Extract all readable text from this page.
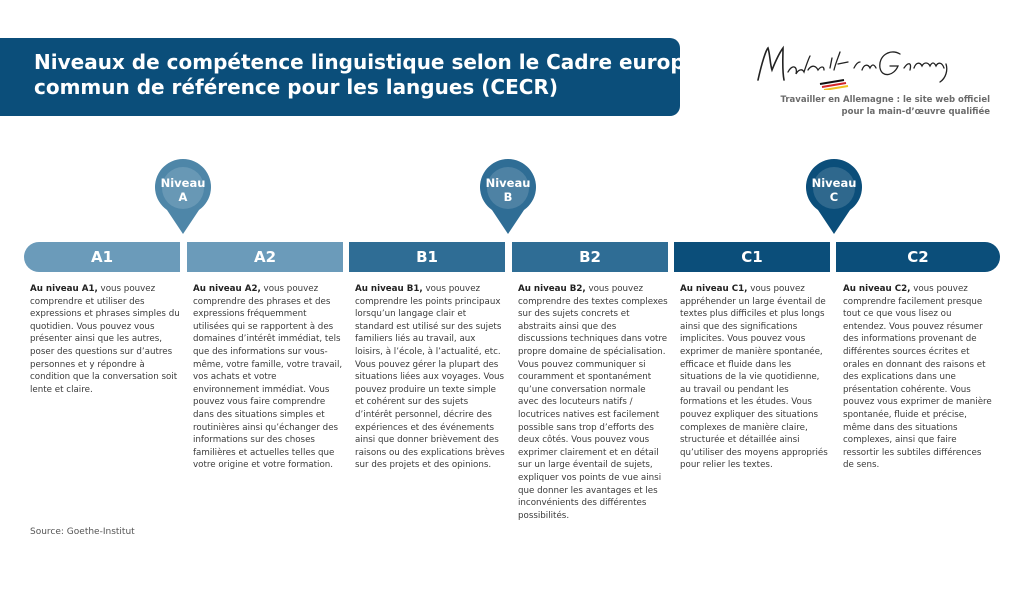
Niveaux de compétence linguistique selon le Cadre européen
commun de référence pour les langues (CECR)
Travailler en Allemagne : le site web officiel
pour la main-d’œuvre qualifiée
Niveau
A
Niveau
B
Niveau
C
A1	A2	B1	B2	C1	C2
Au niveau A1, vous pouvez comprendre et utiliser des expressions et phrases simples du quotidien. Vous pouvez vous présenter ainsi que les autres, poser des questions sur d’autres personnes et y répondre à condition que la conversation soit lente et claire.
Au niveau A2, vous pouvez comprendre des phrases et des expressions fréquemment utilisées qui se rapportent à des domaines d’intérêt immédiat, tels que des informations sur vous-même, votre famille, votre travail, vos achats et votre environnement immédiat. Vous pouvez vous faire comprendre dans des situations simples et routinières ainsi qu’échanger des informations sur des choses familières et actuelles telles que votre origine et votre formation.
Au niveau B1, vous pouvez comprendre les points principaux lorsqu’un langage clair et standard est utilisé sur des sujets familiers liés au travail, aux loisirs, à l’école, à l’actualité, etc. Vous pouvez gérer la plupart des situations liées aux voyages. Vous pouvez produire un texte simple et cohérent sur des sujets d’intérêt personnel, décrire des expériences et des événements ainsi que donner brièvement des raisons ou des explications brèves sur des projets et des opinions.
Au niveau B2, vous pouvez comprendre des textes complexes sur des sujets concrets et abstraits ainsi que des discussions techniques dans votre propre domaine de spécialisation. Vous pouvez communiquer si couramment et spontanément qu’une conversation normale avec des locuteurs natifs / locutrices natives est facilement possible sans trop d’efforts des deux côtés. Vous pouvez vous exprimer clairement et en détail sur un large éventail de sujets, expliquer vos points de vue ainsi que donner les avantages et les inconvénients des différentes possibilités.
Au niveau C1, vous pouvez appréhender un large éventail de textes plus difficiles et plus longs ainsi que des significations implicites. Vous pouvez vous exprimer de manière spontanée, efficace et fluide dans les situations de la vie quotidienne, au travail ou pendant les formations et les études. Vous pouvez expliquer des situations complexes de manière claire, structurée et détaillée ainsi qu’utiliser des moyens appropriés pour relier les textes.
Au niveau C2, vous pouvez comprendre facilement presque tout ce que vous lisez ou entendez. Vous pouvez résumer des informations provenant de différentes sources écrites et orales en donnant des raisons et des explications dans une présentation cohérente. Vous pouvez vous exprimer de manière spontanée, fluide et précise, même dans des situations complexes, ainsi que faire ressortir les subtiles différences de sens.
Source: Goethe-Institut
